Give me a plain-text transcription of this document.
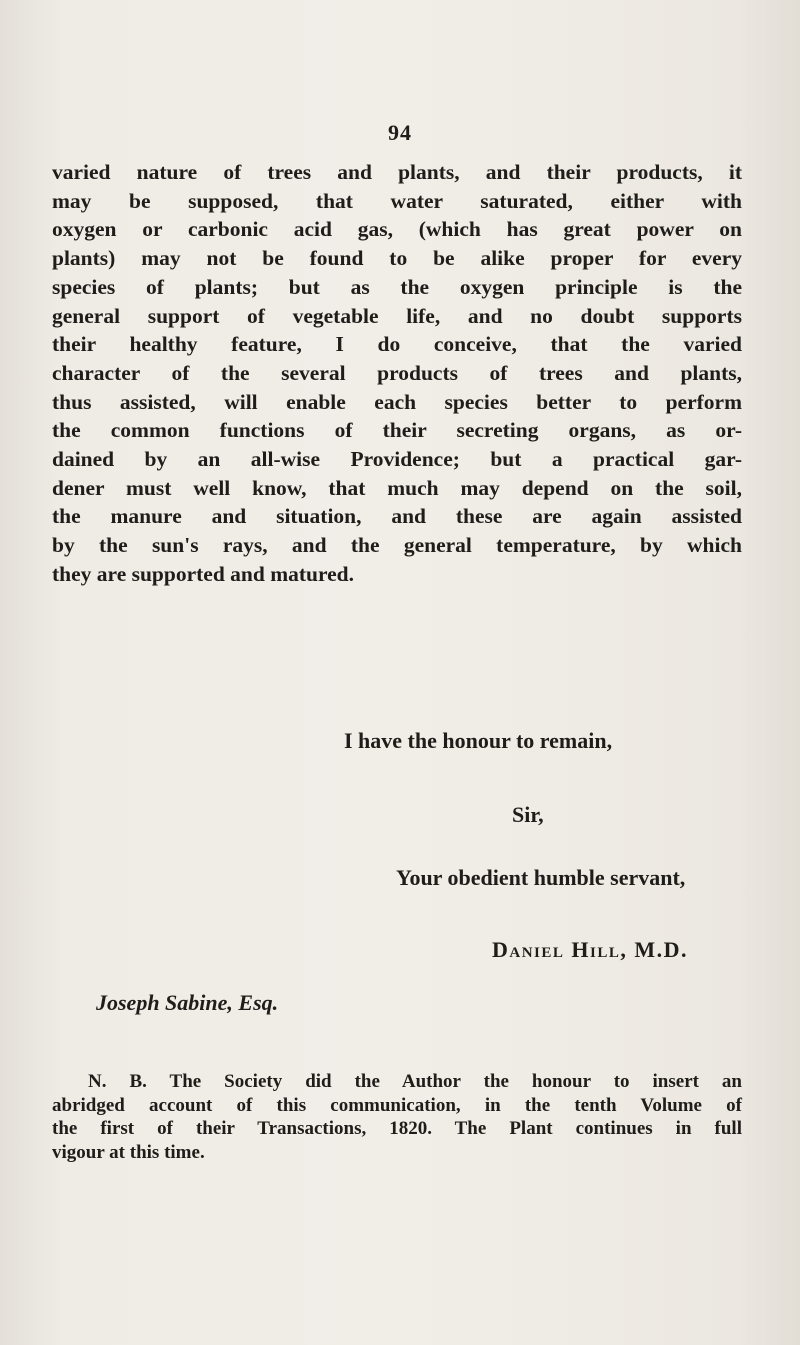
94
varied nature of trees and plants, and their products, it
may be supposed, that water saturated, either with
oxygen or carbonic acid gas, (which has great power on
plants) may not be found to be alike proper for every
species of plants; but as the oxygen principle is the
general support of vegetable life, and no doubt supports
their healthy feature, I do conceive, that the varied
character of the several products of trees and plants,
thus assisted, will enable each species better to perform
the common functions of their secreting organs, as or-
dained by an all-wise Providence; but a practical gar-
dener must well know, that much may depend on the soil,
the manure and situation, and these are again assisted
by the sun's rays, and the general temperature, by which
they are supported and matured.
I have the honour to remain,
Sir,
Your obedient humble servant,
Daniel Hill, M.D.
Joseph Sabine, Esq.
N. B. The Society did the Author the honour to insert an
abridged account of this communication, in the tenth Volume of
the first of their Transactions, 1820. The Plant continues in full
vigour at this time.
